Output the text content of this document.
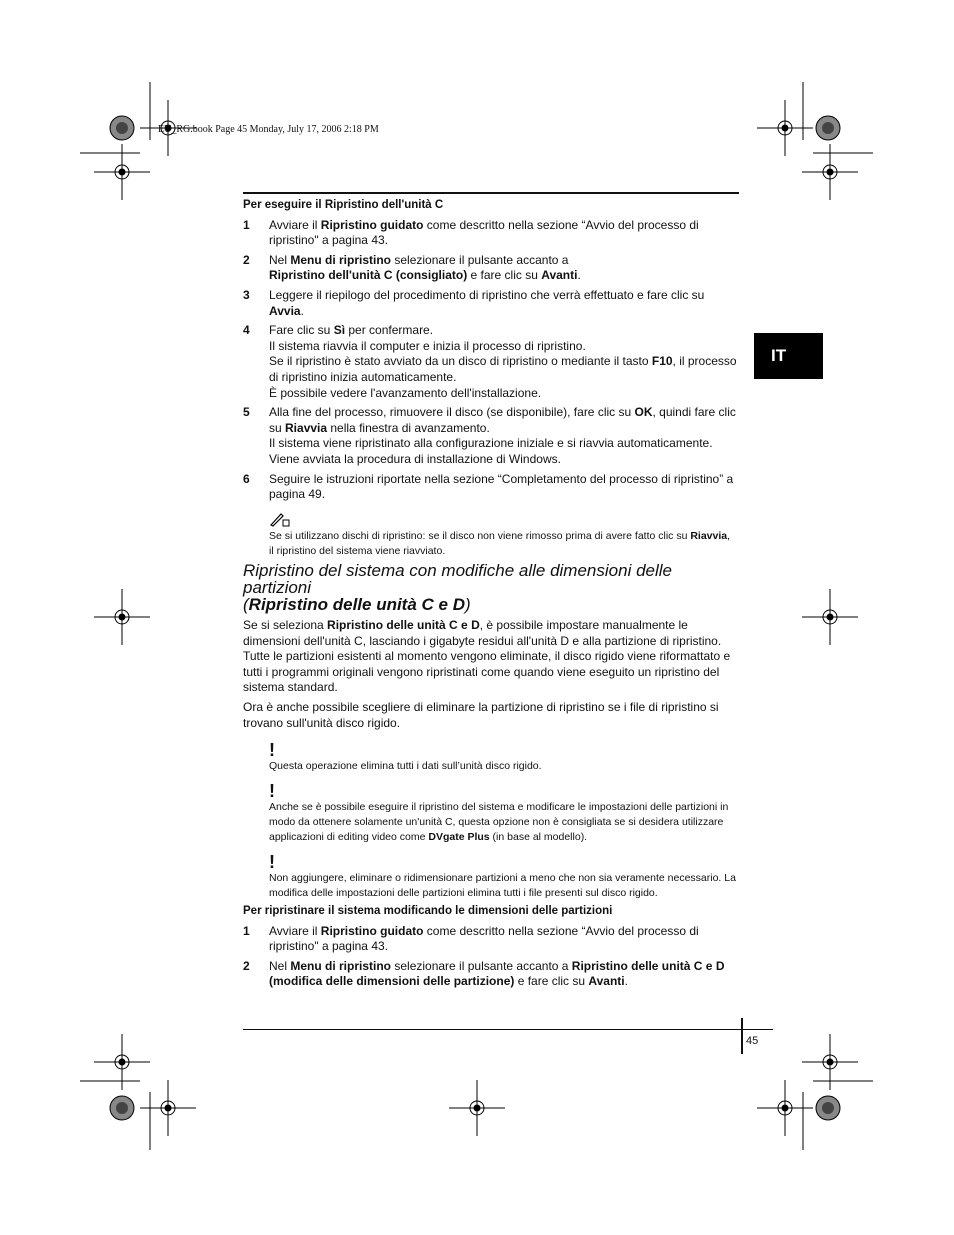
EU_RG.book Page 45 Monday, July 17, 2006 2:18 PM
IT

Per eseguire il Ripristino dell'unità C

1	Avviare il Ripristino guidato come descritto nella sezione “Avvio del processo di ripristino" a pagina 43.

2	Nel Menu di ripristino selezionare il pulsante accanto a

Ripristino dell'unità C (consigliato) e fare clic su Avanti.

3	Leggere il riepilogo del procedimento di ripristino che verrà effettuato e fare clic su Avvia.

4	Fare clic su Sì per confermare.

Il sistema riavvia il computer e inizia il processo di ripristino.

Se il ripristino è stato avviato da un disco di ripristino o mediante il tasto F10, il processo di ripristino inizia automaticamente.

È possibile vedere l'avanzamento dell'installazione.

5	Alla fine del processo, rimuovere il disco (se disponibile), fare clic su OK, quindi fare clic su Riavvia nella finestra di avanzamento.

Il sistema viene ripristinato alla configurazione iniziale e si riavvia automaticamente.

Viene avviata la procedura di installazione di Windows.

6	Seguire le istruzioni riportate nella sezione “Completamento del processo di ripristino” a pagina 49.

Se si utilizzano dischi di ripristino: se il disco non viene rimosso prima di avere fatto clic su Riavvia, il ripristino del sistema viene riavviato.

Ripristino del sistema con modifiche alle dimensioni delle partizioni
(Ripristino delle unità C e D)

Se si seleziona Ripristino delle unità C e D, è possibile impostare manualmente le dimensioni dell'unità C, lasciando i gigabyte residui all'unità D e alla partizione di ripristino. Tutte le partizioni esistenti al momento vengono eliminate, il disco rigido viene riformattato e tutti i programmi originali vengono ripristinati come quando viene eseguito un ripristino del sistema standard.

Ora è anche possibile scegliere di eliminare la partizione di ripristino se i file di ripristino si trovano sull'unità disco rigido.

!

Questa operazione elimina tutti i dati sull’unità disco rigido.

!

Anche se è possibile eseguire il ripristino del sistema e modificare le impostazioni delle partizioni in modo da ottenere solamente un'unità C, questa opzione non è consigliata se si desidera utilizzare applicazioni di editing video come DVgate Plus (in base al modello).

!

Non aggiungere, eliminare o ridimensionare partizioni a meno che non sia veramente necessario. La modifica delle impostazioni delle partizioni elimina tutti i file presenti sul disco rigido.

Per ripristinare il sistema modificando le dimensioni delle partizioni

1	Avviare il Ripristino guidato come descritto nella sezione “Avvio del processo di ripristino" a pagina 43.

2	Nel Menu di ripristino selezionare il pulsante accanto a Ripristino delle unità C e D (modifica delle dimensioni delle partizione) e fare clic su Avanti.

45
